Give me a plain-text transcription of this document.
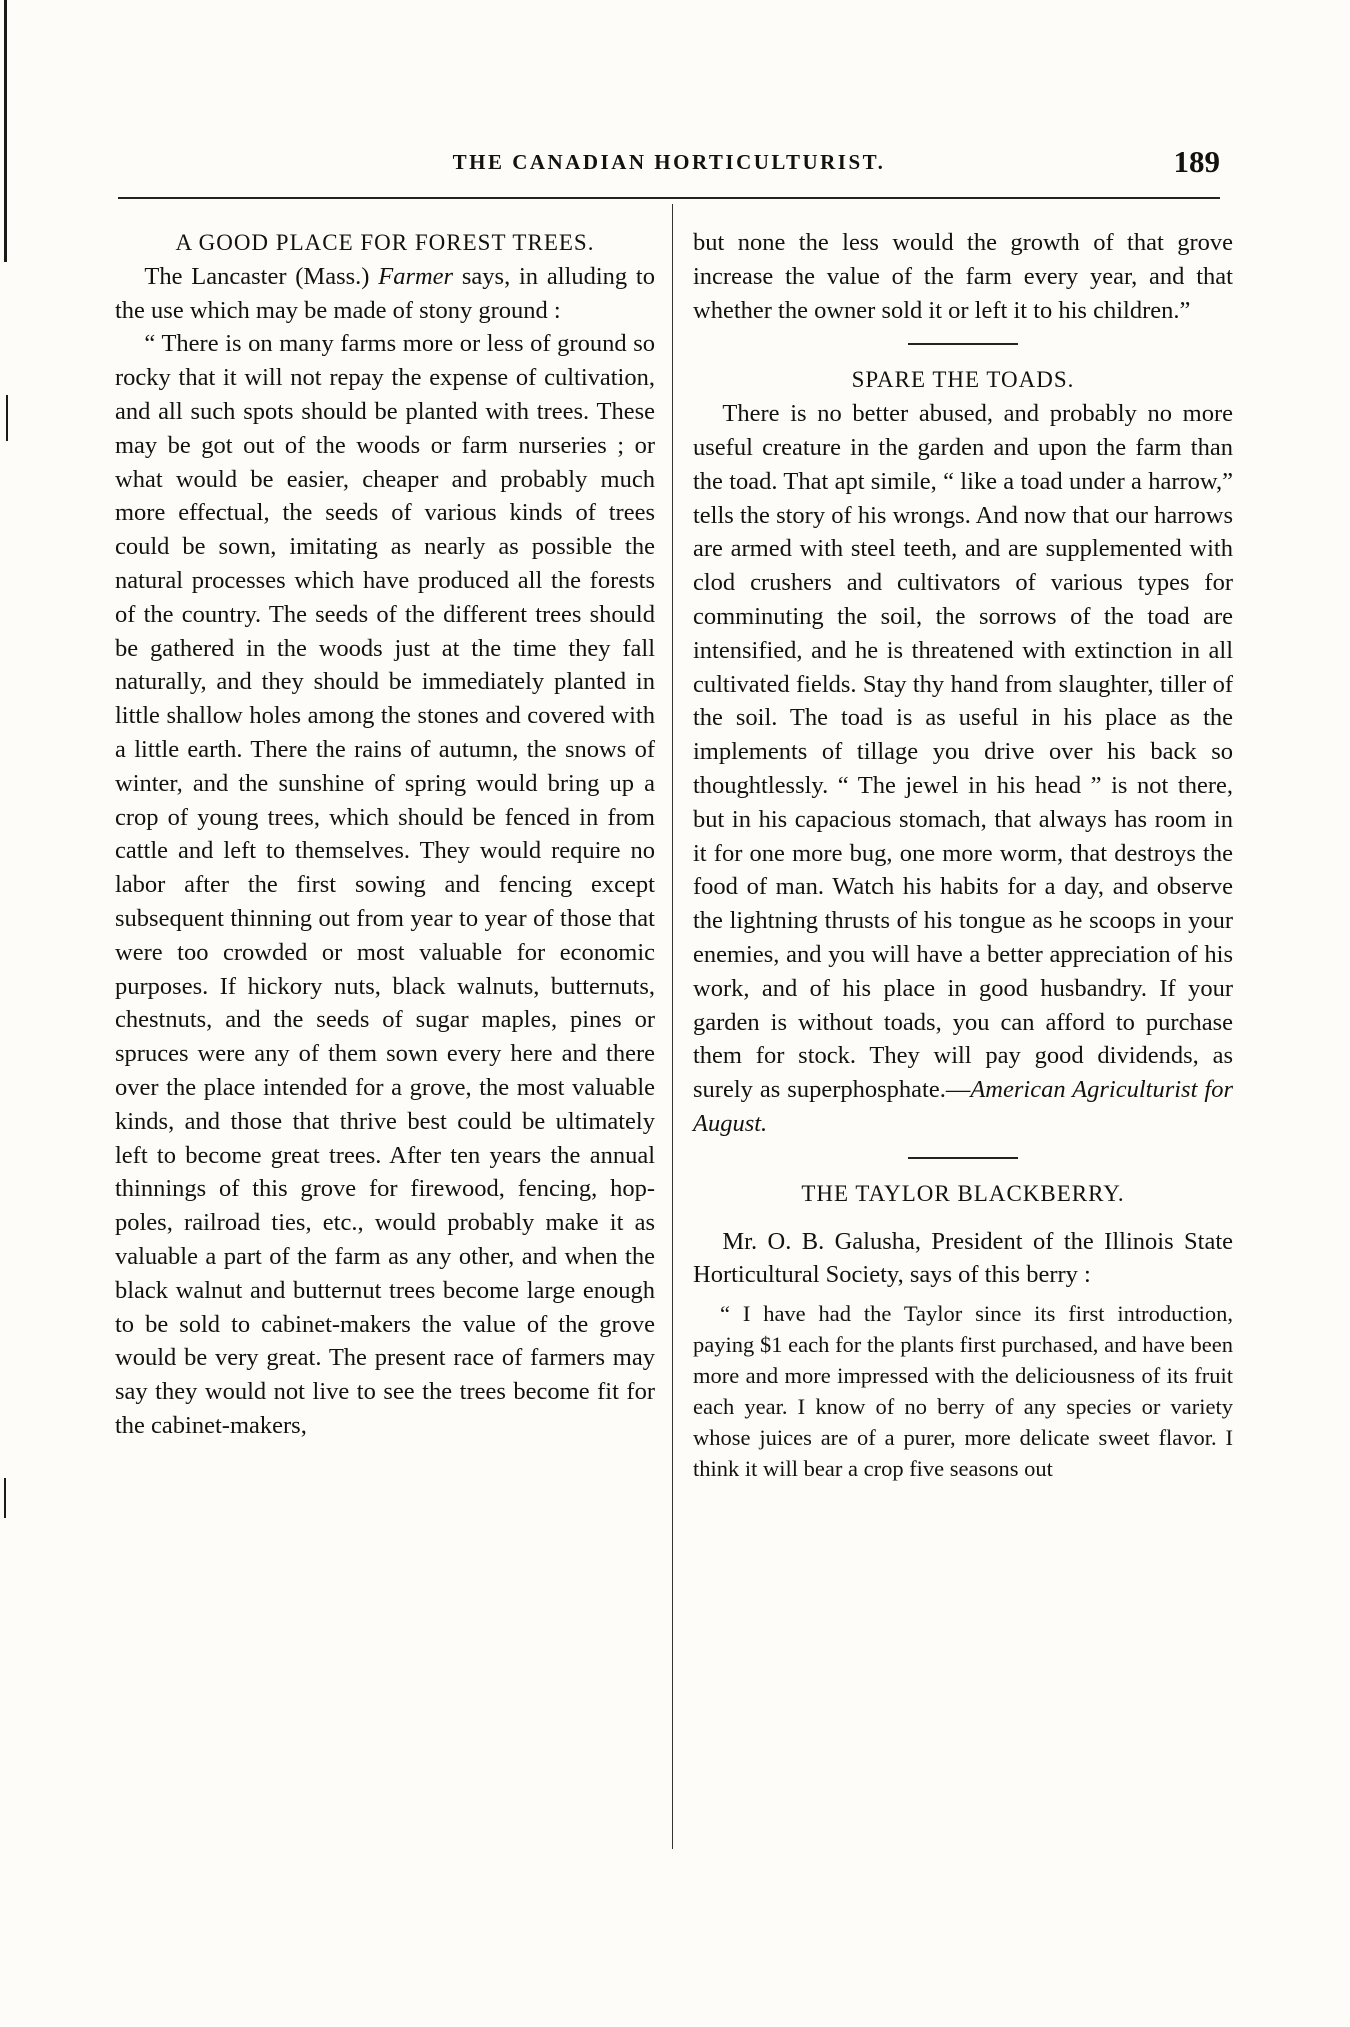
THE CANADIAN HORTICULTURIST.	189
A GOOD PLACE FOR FOREST TREES.

The Lancaster (Mass.) Farmer says, in alluding to the use which may be made of stony ground :

“ There is on many farms more or less of ground so rocky that it will not repay the expense of cultivation, and all such spots should be planted with trees. These may be got out of the woods or farm nurseries ; or what would be easier, cheaper and probably much more effectual, the seeds of various kinds of trees could be sown, imitating as nearly as possible the natural processes which have produced all the forests of the country. The seeds of the different trees should be gathered in the woods just at the time they fall naturally, and they should be immediately planted in little shallow holes among the stones and covered with a little earth. There the rains of autumn, the snows of winter, and the sunshine of spring would bring up a crop of young trees, which should be fenced in from cattle and left to themselves. They would require no labor after the first sowing and fencing except subsequent thinning out from year to year of those that were too crowded or most valuable for economic purposes. If hickory nuts, black walnuts, butternuts, chestnuts, and the seeds of sugar maples, pines or spruces were any of them sown every here and there over the place intended for a grove, the most valuable kinds, and those that thrive best could be ultimately left to become great trees. After ten years the annual thinnings of this grove for firewood, fencing, hop-poles, railroad ties, etc., would probably make it as valuable a part of the farm as any other, and when the black walnut and butternut trees become large enough to be sold to cabinet-makers the value of the grove would be very great. The present race of farmers may say they would not live to see the trees become fit for the cabinet-makers,

but none the less would the growth of that grove increase the value of the farm every year, and that whether the owner sold it or left it to his children.”

SPARE THE TOADS.

There is no better abused, and probably no more useful creature in the garden and upon the farm than the toad. That apt simile, “ like a toad under a harrow,” tells the story of his wrongs. And now that our harrows are armed with steel teeth, and are supplemented with clod crushers and cultivators of various types for comminuting the soil, the sorrows of the toad are intensified, and he is threatened with extinction in all cultivated fields. Stay thy hand from slaughter, tiller of the soil. The toad is as useful in his place as the implements of tillage you drive over his back so thoughtlessly. “ The jewel in his head ” is not there, but in his capacious stomach, that always has room in it for one more bug, one more worm, that destroys the food of man. Watch his habits for a day, and observe the lightning thrusts of his tongue as he scoops in your enemies, and you will have a better appreciation of his work, and of his place in good husbandry. If your garden is without toads, you can afford to purchase them for stock. They will pay good dividends, as surely as superphosphate.—American Agriculturist for August.

THE TAYLOR BLACKBERRY.

Mr. O. B. Galusha, President of the Illinois State Horticultural Society, says of this berry :

“ I have had the Taylor since its first introduction, paying $1 each for the plants first purchased, and have been more and more impressed with the deliciousness of its fruit each year. I know of no berry of any species or variety whose juices are of a purer, more delicate sweet flavor. I think it will bear a crop five seasons out
